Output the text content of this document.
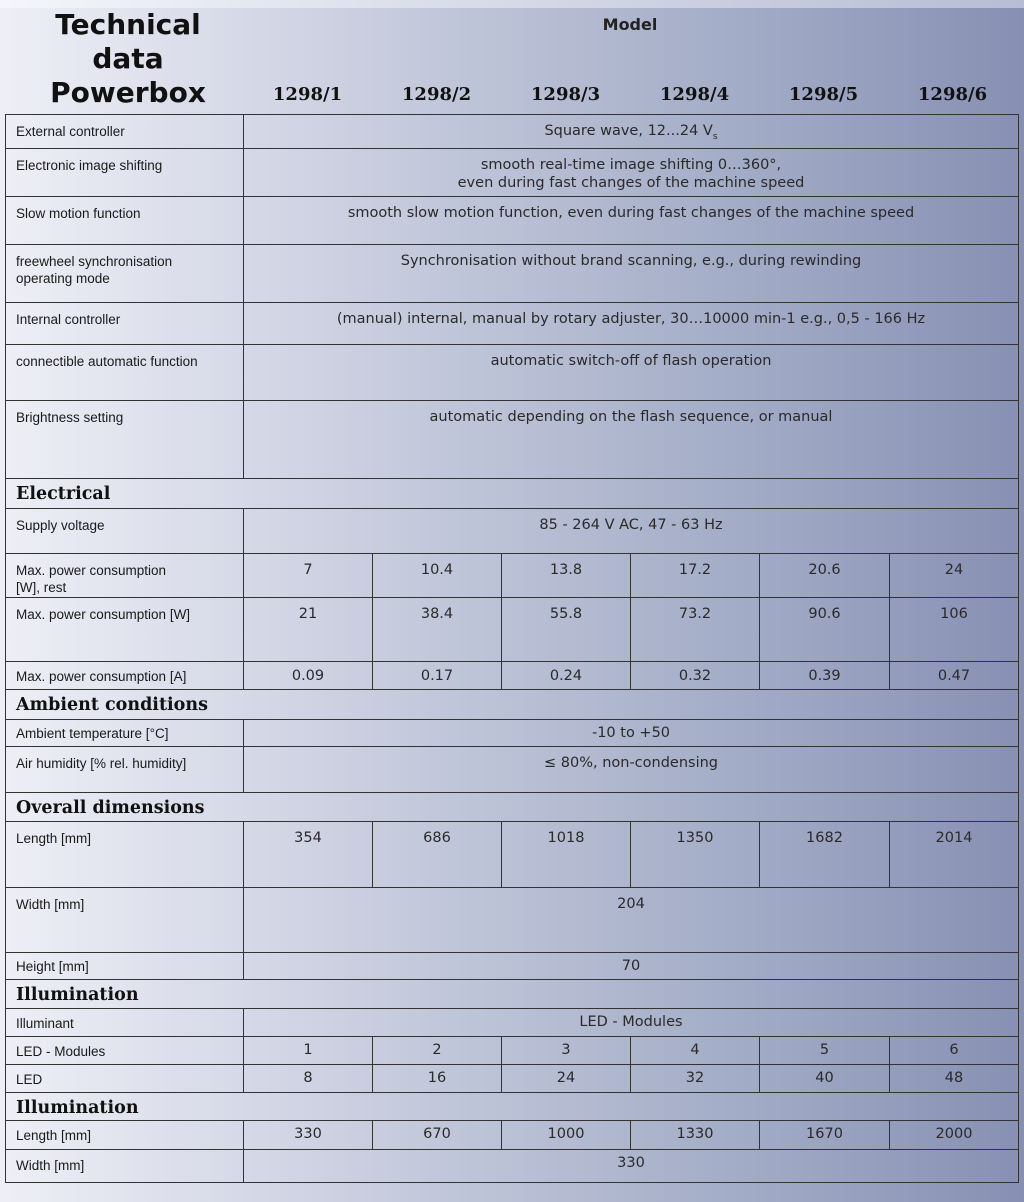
Technical
data
Powerbox
Model
1298/1	1298/2	1298/3	1298/4	1298/5	1298/6
External controller	Square wave, 12...24 $V_s$
Electronic image shifting	smooth real-time image shifting 0…360°,
even during fast changes of the machine speed					

Slow motion function	smooth slow motion function, even during fast changes of the machine speed					

freewheel synchronisation
operating mode	Synchronisation without brand scanning, e.g., during rewinding					
Internal controller	(manual) internal, manual by rotary adjuster, 30…10000 min-1 e.g., 0,5 - 166 Hz					
connectible automatic function	automatic switch-off of flash operation					
Brightness setting	automatic depending on the flash sequence, or manual					
Electrical						
Supply voltage	85 - 264 V AC, 47 - 63 Hz					

Max. power consumption
[W], rest	7	10.4	13.8	17.2	20.6	24
Max. power consumption [W]	21	38.4	55.8	73.2	90.6	106
Max. power consumption [A]	0.09	0.17	0.24	0.32	0.39	0.47
Ambient conditions						
Ambient temperature [°C]	-10 to +50					
Air humidity [% rel. humidity]	≤ 80%, non-condensing					
Overall dimensions						
Length [mm]	354	686	1018	1350	1682	2014
Width [mm]	204					
Height [mm]	70					
Illumination						
Illuminant	LED - Modules					
LED - Modules	1	2	3	4	5	6
LED	8	16	24	32	40	48
Illumination						
Length [mm]	330	670	1000	1330	1670	2000
Width [mm]	330					
